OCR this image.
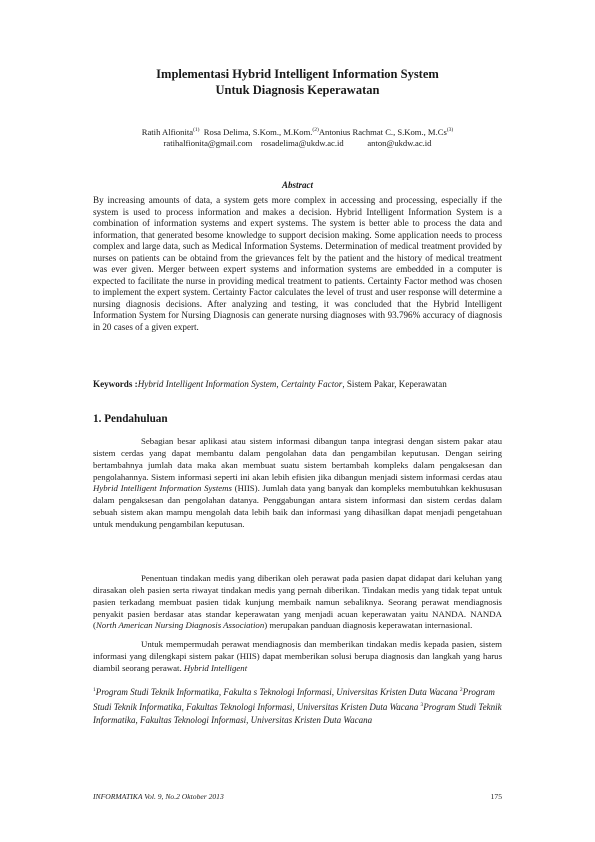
Implementasi Hybrid Intelligent Information System
Untuk Diagnosis Keperawatan
Ratih Alfionita$^{(1)}$ Rosa Delima, S.Kom., M.Kom.$^{(2)}$Antonius Rachmat C., S.Kom., M.Cs$^{(3)}$
ratihalfionita@gmail.com rosadelima@ukdw.ac.id	anton@ukdw.ac.id
Abstract

By increasing amounts of data, a system gets more complex in accessing and processing, especially if the system is used to process information and makes a decision. Hybrid Intelligent Information System is a combination of information systems and expert systems. The system is better able to process the data and information, that generated besome knowledge to support decision making. Some application needs to process complex and large data, such as Medical Information Systems. Determination of medical treatment provided by nurses on patients can be obtaind from the grievances felt by the patient and the history of medical treatment was ever given. Merger between expert systems and information systems are embedded in a computer is expected to facilitate the nurse in providing medical treatment to patients. Certainty Factor method was chosen to implement the expert system. Certainty Factor calculates the level of trust and user response will determine a nursing diagnosis decisions. After analyzing and testing, it was concluded that the Hybrid Intelligent Information System for Nursing Diagnosis can generate nursing diagnoses with 93.796% accuracy of diagnosis in 20 cases of a given expert.

Keywords :Hybrid Intelligent Information System, Certainty Factor, Sistem Pakar, Keperawatan

1. Pendahuluan

Sebagian besar aplikasi atau sistem informasi dibangun tanpa integrasi dengan sistem pakar atau sistem cerdas yang dapat membantu dalam pengolahan data dan pengambilan keputusan. Dengan seiring bertambahnya jumlah data maka akan membuat suatu sistem bertambah kompleks dalam pengaksesan dan pengolahannya. Sistem informasi seperti ini akan lebih efisien jika dibangun menjadi sistem informasi cerdas atau Hybrid Intelligent Information Systems (HIIS). Jumlah data yang banyak dan kompleks membutuhkan kekhususan dalam pengaksesan dan pengolahan datanya. Penggabungan antara sistem informasi dan sistem cerdas dalam sebuah sistem akan mampu mengolah data lebih baik dan informasi yang dihasilkan dapat menjadi pengetahuan untuk mendukung pengambilan keputusan.

Penentuan tindakan medis yang diberikan oleh perawat pada pasien dapat didapat dari keluhan yang dirasakan oleh pasien serta riwayat tindakan medis yang pernah diberikan. Tindakan medis yang tidak tepat untuk pasien terkadang membuat pasien tidak kunjung membaik namun sebaliknya. Seorang perawat mendiagnosis penyakit pasien berdasar atas standar keperawatan yang menjadi acuan keperawatan yaitu NANDA. NANDA (North American Nursing Diagnosis Association) merupakan panduan diagnosis keperawatan internasional.

Untuk mempermudah perawat mendiagnosis dan memberikan tindakan medis kepada pasien, sistem informasi yang dilengkapi sistem pakar (HIIS) dapat memberikan solusi berupa diagnosis dan langkah yang harus diambil seorang perawat. Hybrid Intelligent

$^1$Program Studi Teknik Informatika, Fakulta s Teknologi Informasi, Universitas Kristen Duta Wacana $^2$Program Studi Teknik Informatika, Fakultas Teknologi Informasi, Universitas Kristen Duta Wacana $^3$Program Studi Teknik Informatika, Fakultas Teknologi Informasi, Universitas Kristen Duta Wacana

INFORMATIKA Vol. 9, No.2 Oktober 2013	175
